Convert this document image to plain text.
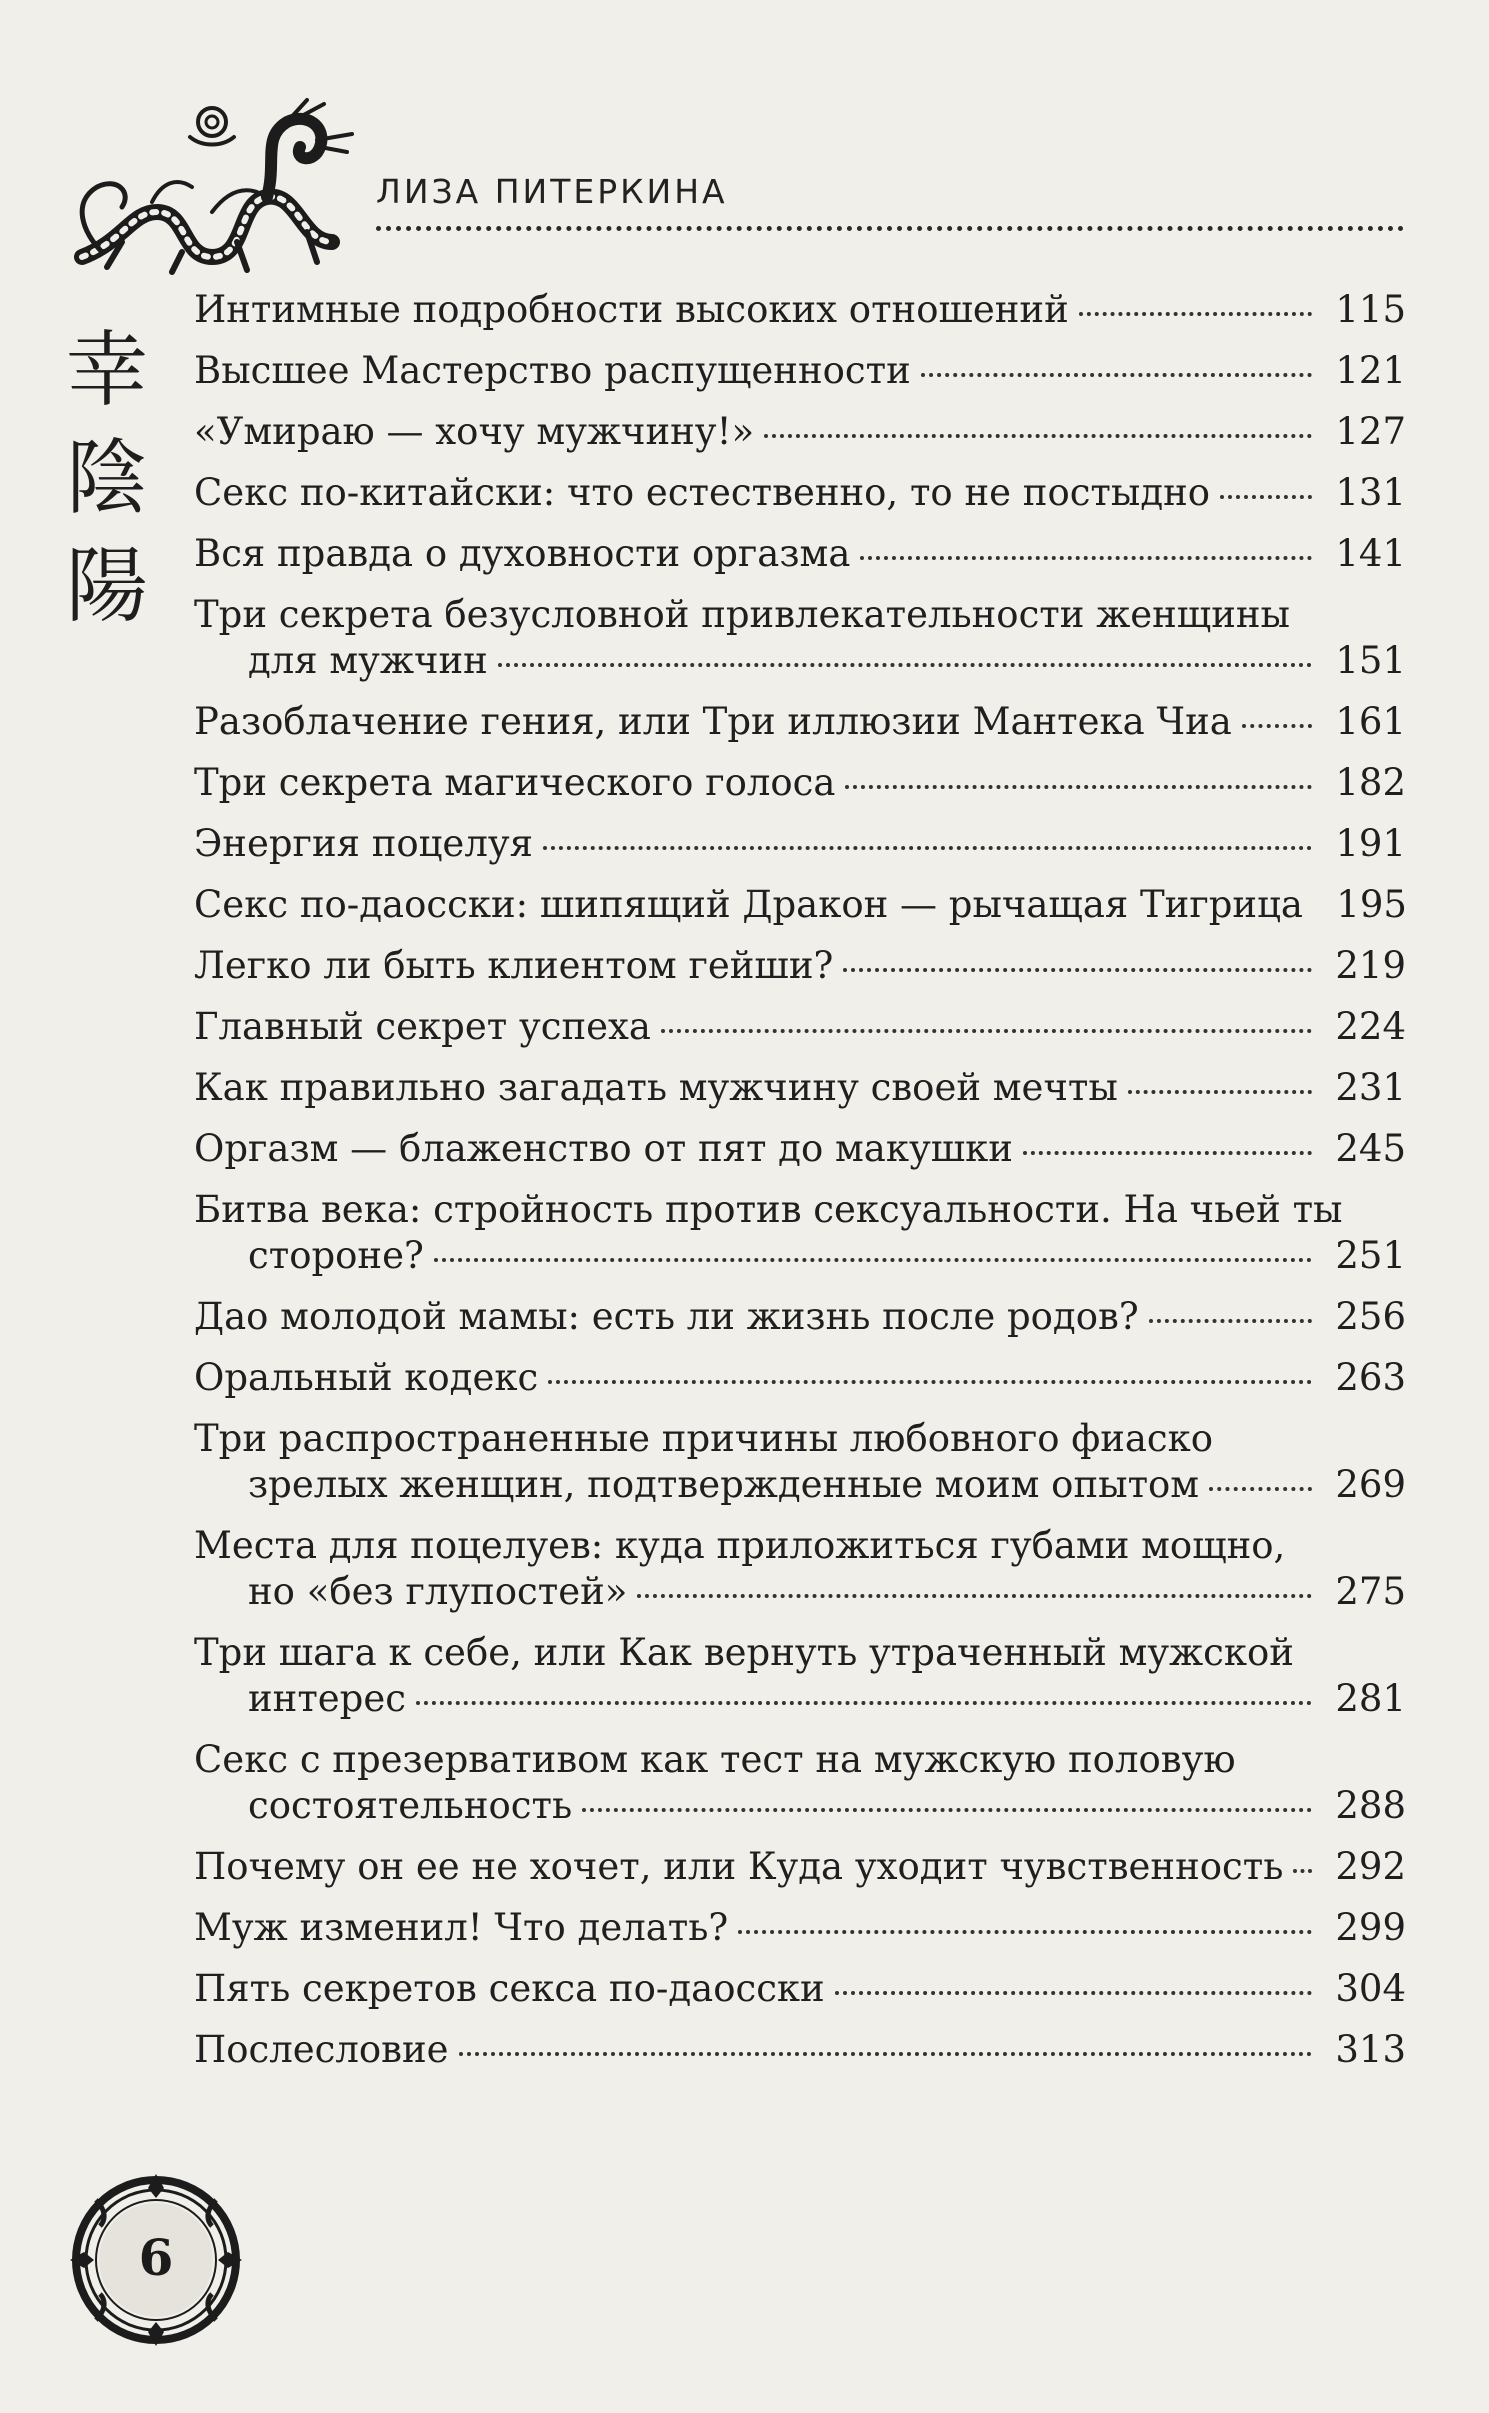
ЛИЗА ПИТЕРКИНА
幸
陰
陽
Интимные подробности высоких отношений	115
Высшее Мастерство распущенности	121
«Умираю — хочу мужчину!»	127
Секс по-китайски: что естественно, то не постыдно	131
Вся правда о духовности оргазма	141
Три секрета безусловной привлекательности женщины
для мужчин	151
Разоблачение гения, или Три иллюзии Мантека Чиа	161
Три секрета магического голоса	182
Энергия поцелуя	191
Секс по-даосски: шипящий Дракон — рычащая Тигрица 195
Легко ли быть клиентом гейши?	219
Главный секрет успеха	224
Как правильно загадать мужчину своей мечты	231
Оргазм — блаженство от пят до макушки	245
Битва века: стройность против сексуальности. На чьей ты
стороне?	251
Дао молодой мамы: есть ли жизнь после родов?	256
Оральный кодекс	263
Три распространенные причины любовного фиаско
зрелых женщин, подтвержденные моим опытом	269
Места для поцелуев: куда приложиться губами мощно,
но «без глупостей»	275
Три шага к себе, или Как вернуть утраченный мужской
интерес	281
Секс с презервативом как тест на мужскую половую
состоятельность	288
Почему он ее не хочет, или Куда уходит чувственность 292
Муж изменил! Что делать?	299
Пять секретов секса по-даосски	304
Послесловие	313
6
